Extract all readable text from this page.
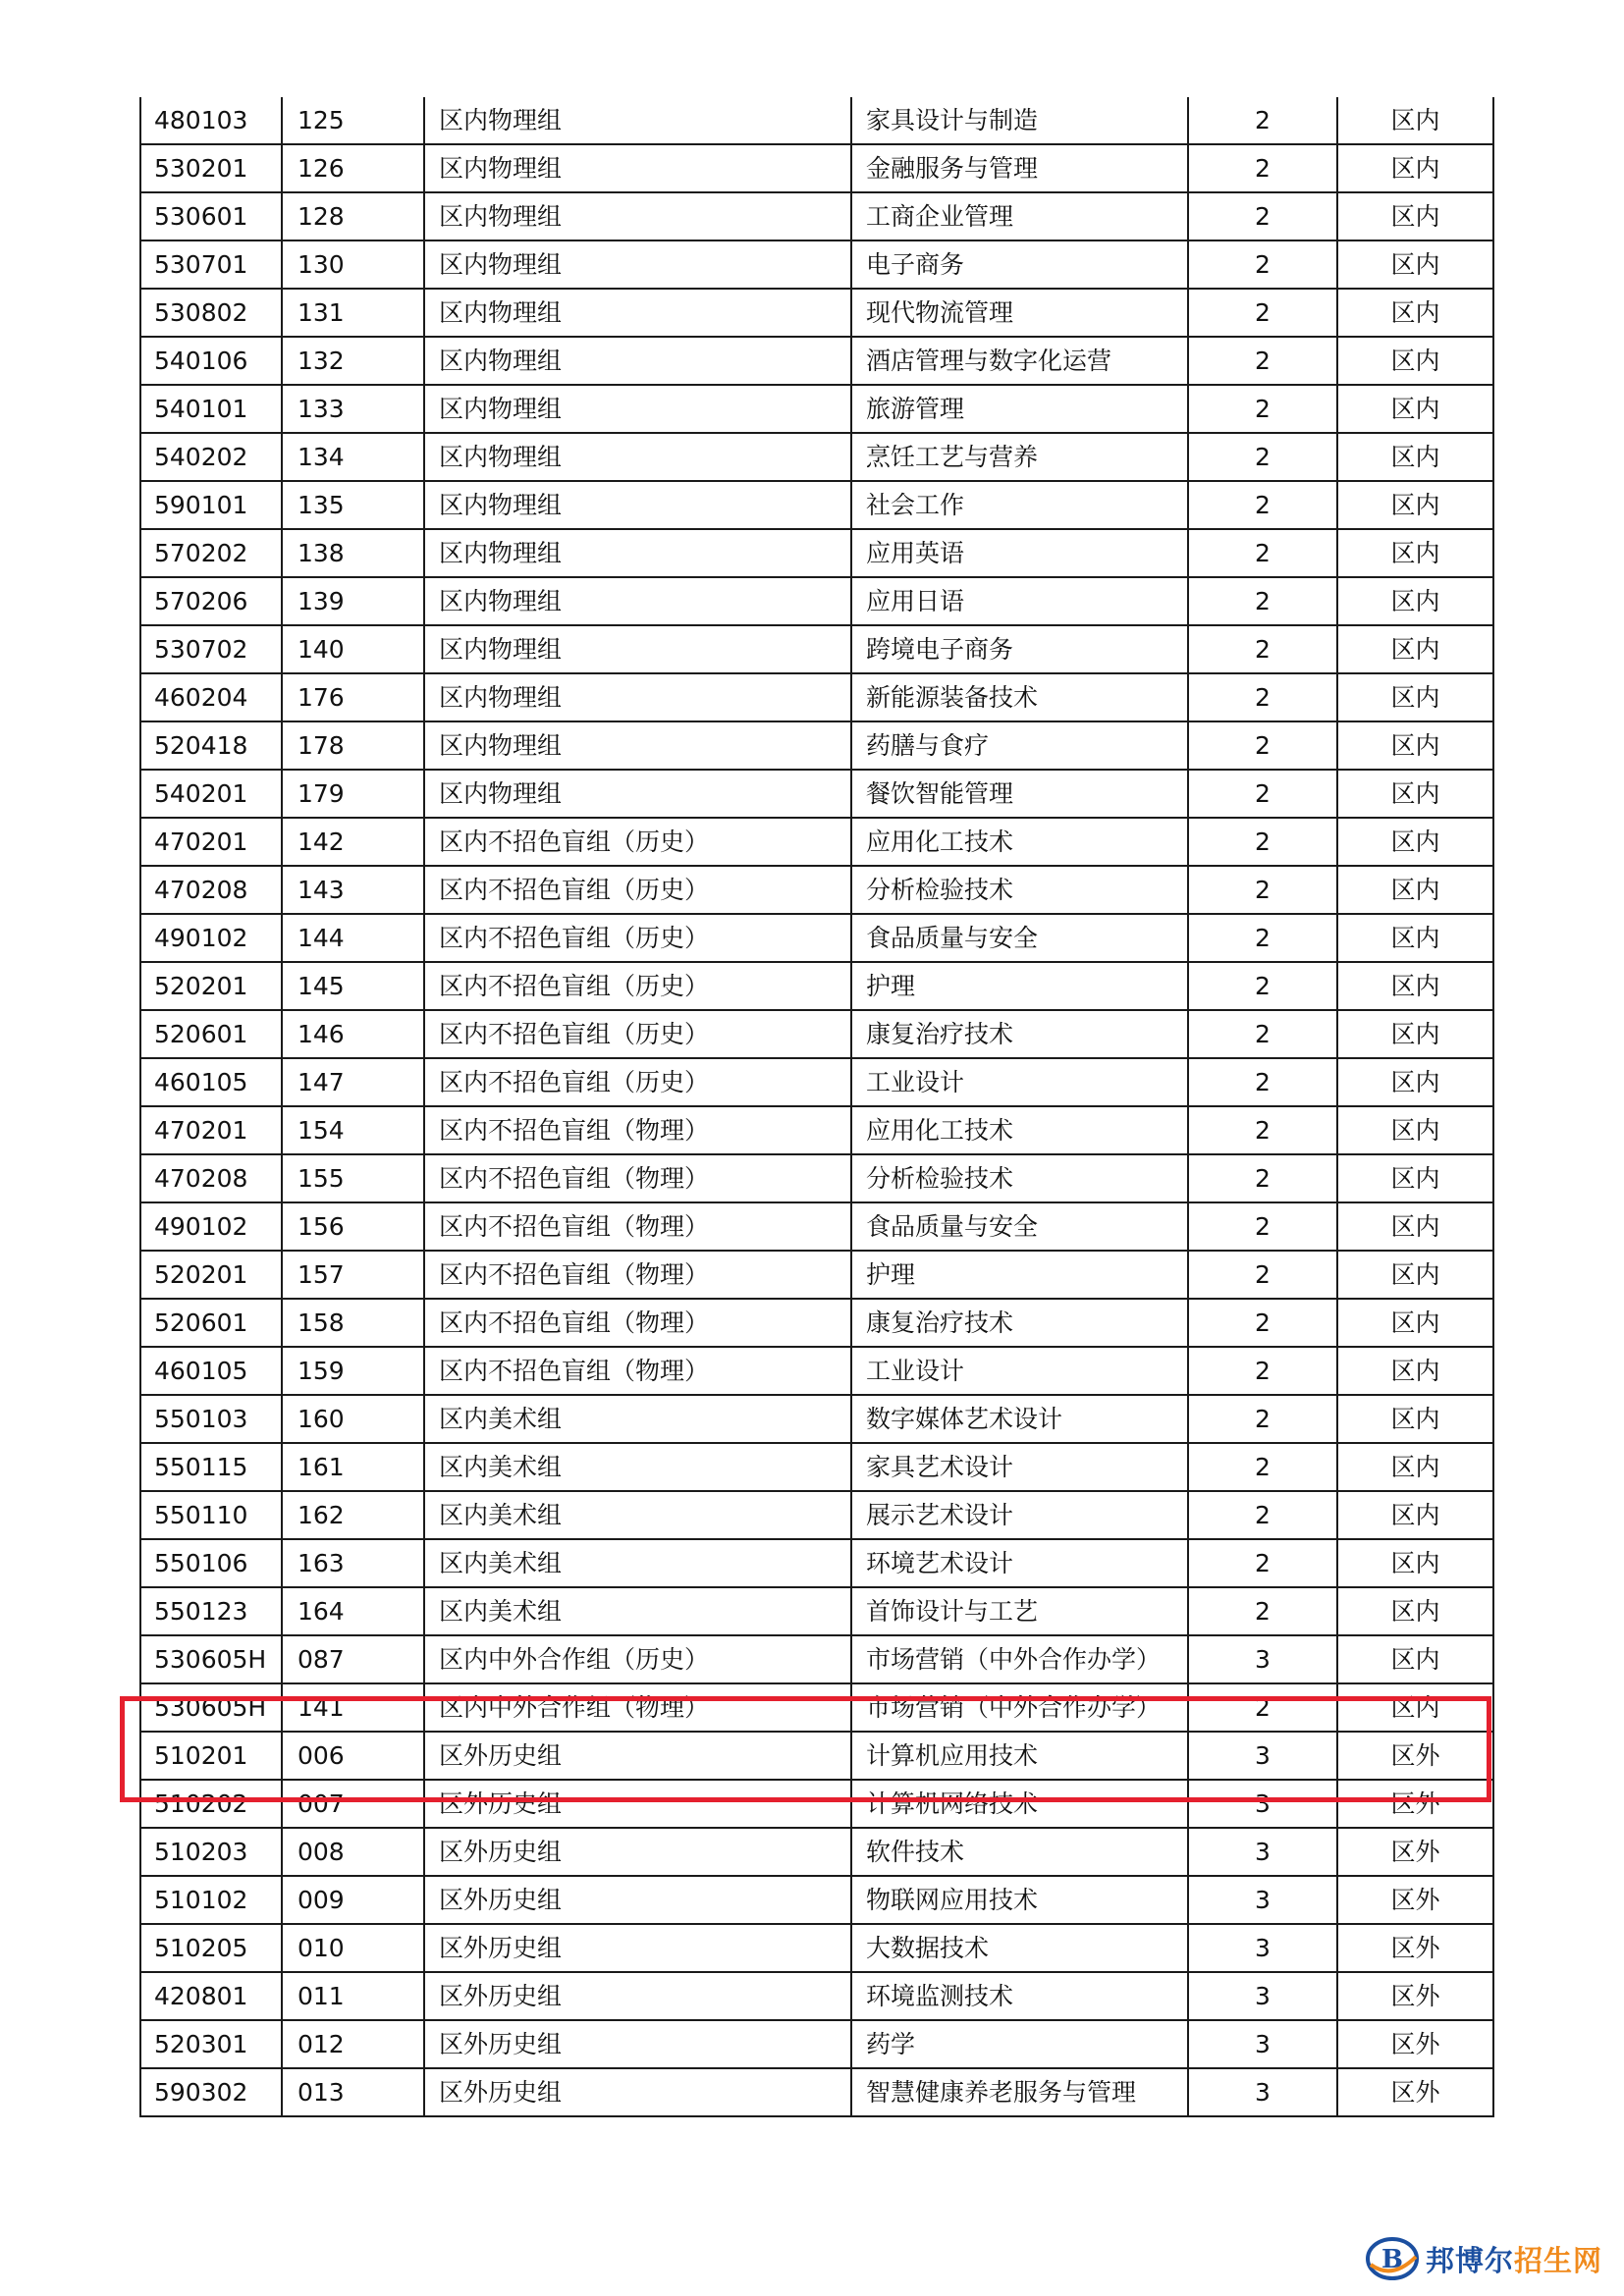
480103	125	区内物理组	家具设计与制造	2	区内
530201	126	区内物理组	金融服务与管理	2	区内
530601	128	区内物理组	工商企业管理	2	区内
530701	130	区内物理组	电子商务	2	区内
530802	131	区内物理组	现代物流管理	2	区内
540106	132	区内物理组	酒店管理与数字化运营	2	区内
540101	133	区内物理组	旅游管理	2	区内
540202	134	区内物理组	烹饪工艺与营养	2	区内
590101	135	区内物理组	社会工作	2	区内
570202	138	区内物理组	应用英语	2	区内
570206	139	区内物理组	应用日语	2	区内
530702	140	区内物理组	跨境电子商务	2	区内
460204	176	区内物理组	新能源装备技术	2	区内
520418	178	区内物理组	药膳与食疗	2	区内
540201	179	区内物理组	餐饮智能管理	2	区内
470201	142	区内不招色盲组（历史）	应用化工技术	2	区内
470208	143	区内不招色盲组（历史）	分析检验技术	2	区内
490102	144	区内不招色盲组（历史）	食品质量与安全	2	区内
520201	145	区内不招色盲组（历史）	护理	2	区内
520601	146	区内不招色盲组（历史）	康复治疗技术	2	区内
460105	147	区内不招色盲组（历史）	工业设计	2	区内
470201	154	区内不招色盲组（物理）	应用化工技术	2	区内
470208	155	区内不招色盲组（物理）	分析检验技术	2	区内
490102	156	区内不招色盲组（物理）	食品质量与安全	2	区内
520201	157	区内不招色盲组（物理）	护理	2	区内
520601	158	区内不招色盲组（物理）	康复治疗技术	2	区内
460105	159	区内不招色盲组（物理）	工业设计	2	区内
550103	160	区内美术组	数字媒体艺术设计	2	区内
550115	161	区内美术组	家具艺术设计	2	区内
550110	162	区内美术组	展示艺术设计	2	区内
550106	163	区内美术组	环境艺术设计	2	区内
550123	164	区内美术组	首饰设计与工艺	2	区内
530605H	087	区内中外合作组（历史）	市场营销（中外合作办学）	3	区内
530605H	141	区内中外合作组（物理）	市场营销（中外合作办学）	2	区内
510201	006	区外历史组	计算机应用技术	3	区外
510202	007	区外历史组	计算机网络技术	3	区外
510203	008	区外历史组	软件技术	3	区外
510102	009	区外历史组	物联网应用技术	3	区外
510205	010	区外历史组	大数据技术	3	区外
420801	011	区外历史组	环境监测技术	3	区外
520301	012	区外历史组	药学	3	区外
590302	013	区外历史组	智慧健康养老服务与管理	3	区外
B 邦博尔招生网
